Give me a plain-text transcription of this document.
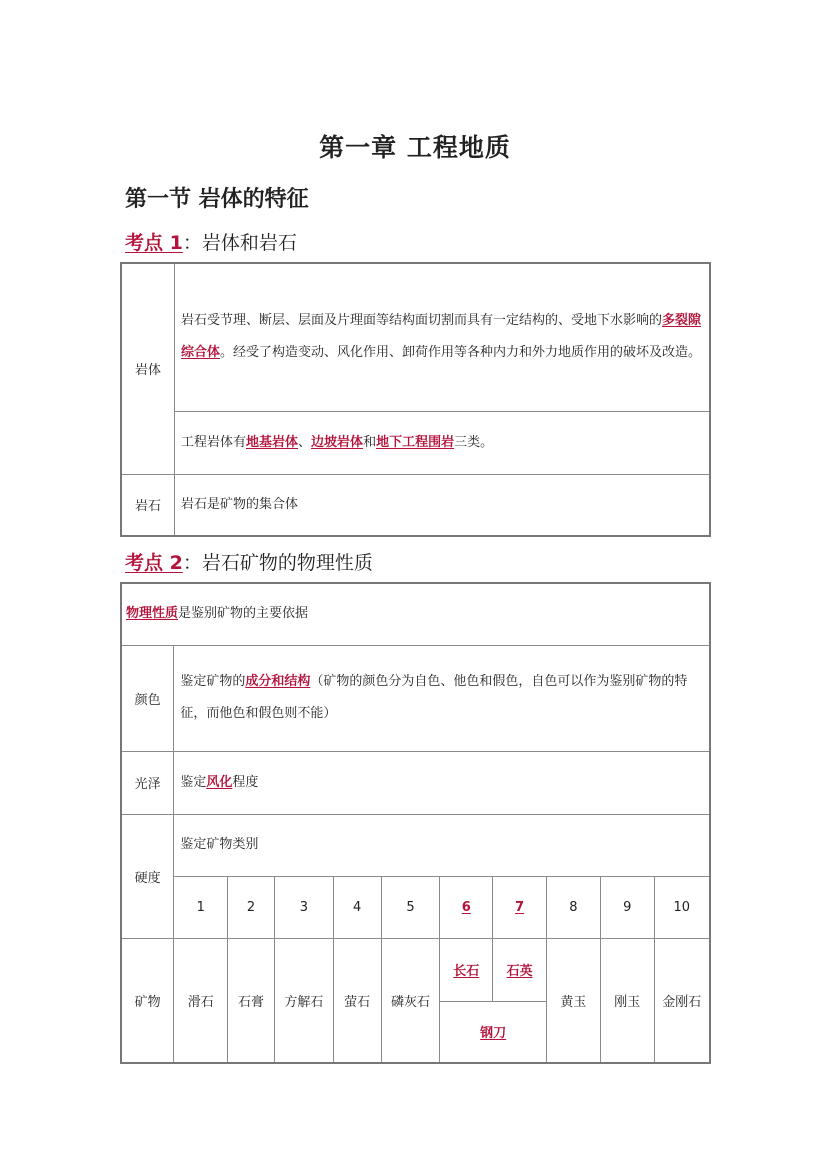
第一章 工程地质
第一节 岩体的特征
考点 1：岩体和岩石
岩体	岩石受节理、断层、层面及片理面等结构面切割而具有一定结构的、受地下水影响的多裂隙综合体。经受了构造变动、风化作用、卸荷作用等各种内力和外力地质作用的破坏及改造。
	工程岩体有地基岩体、边坡岩体和地下工程围岩三类。
岩石	岩石是矿物的集合体
考点 2：岩石矿物的物理性质
物理性质是鉴别矿物的主要依据										
颜色	鉴定矿物的成分和结构（矿物的颜色分为自色、他色和假色，自色可以作为鉴别矿物的特征，而他色和假色则不能）									
光泽	鉴定风化程度									
硬度	鉴定矿物类别									
	1	2	3	4	5	6	7	8	9	10
矿物	滑石	石膏	方解石	萤石	磷灰石	长石	石英	黄玉	刚玉	金刚石
						钢刀				
